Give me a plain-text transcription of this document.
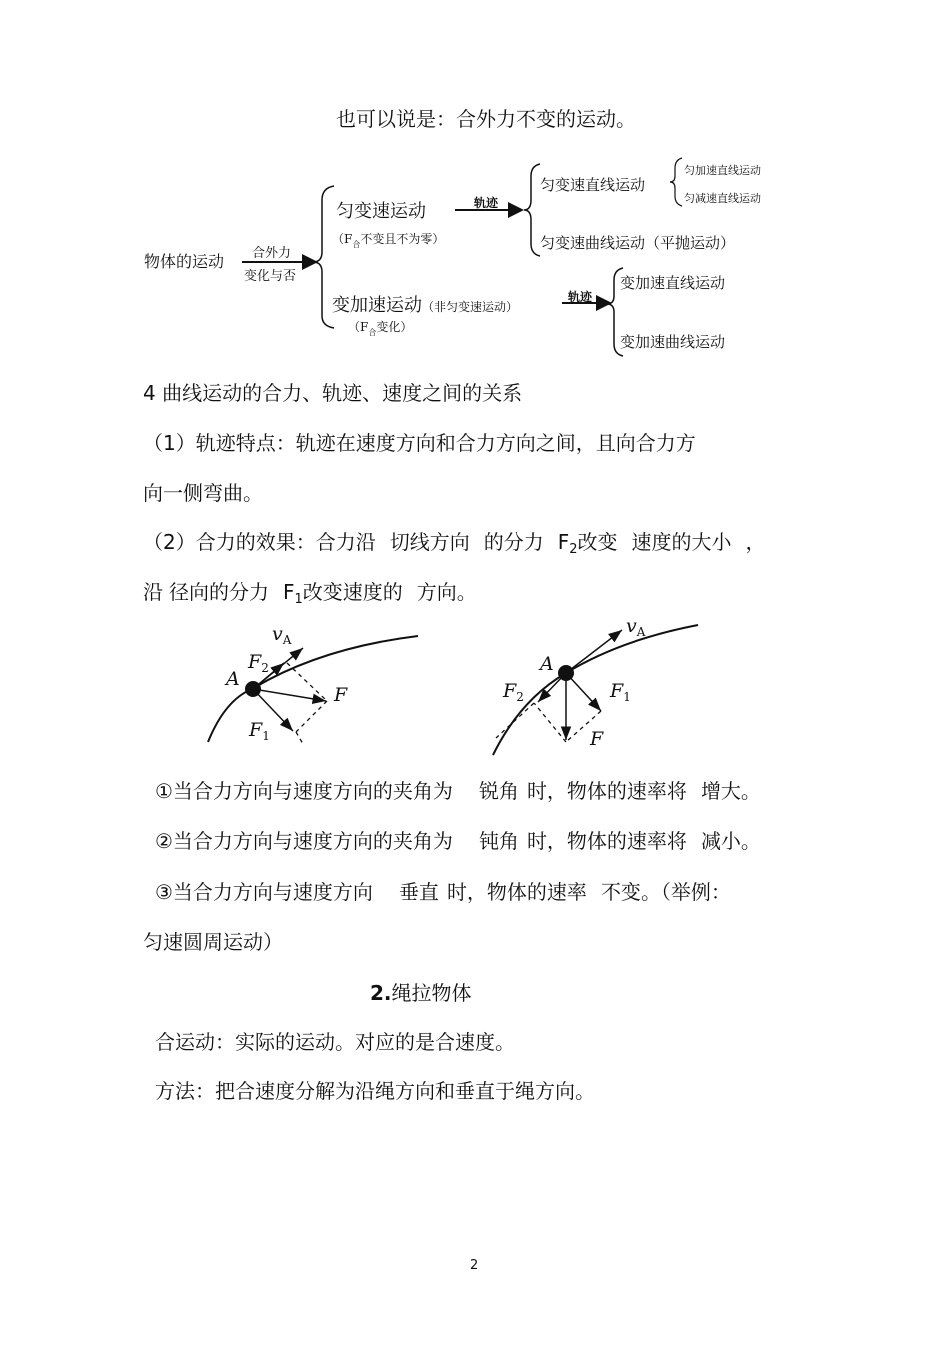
也可以说是：合外力不变的运动。
物体的运动 合外力
变化与否
匀变速运动
（$F_合$不变且不为零）
轨迹
匀变速直线运动
匀加速直线运动
匀减速直线运动
匀变速曲线运动（平抛运动）
变加速运动（非匀变速运动）
（$F_合$变化）
轨迹
变加速直线运动
变加速曲线运动
4 曲线运动的合力、轨迹、速度之间的关系
（1）轨迹特点：轨迹在速度方向和合力方向之间，且向合力方
向一侧弯曲。
（2）合力的效果：合力沿 切线方向 的分力 $F_2$改变 速度的大小 ，
沿 径向的分力 $F_1$改变速度的 方向。
A
$v_A$
$F_2$
F
$F_1$
A
$v_A$
$F_1$
$F_2$
F
①当合力方向与速度方向的夹角为 锐角 时，物体的速率将 增大。
②当合力方向与速度方向的夹角为 钝角 时，物体的速率将 减小。
③当合力方向与速度方向 垂直 时，物体的速率 不变。（举例：
匀速圆周运动）
2.绳拉物体
合运动：实际的运动。对应的是合速度。
方法：把合速度分解为沿绳方向和垂直于绳方向。
2
